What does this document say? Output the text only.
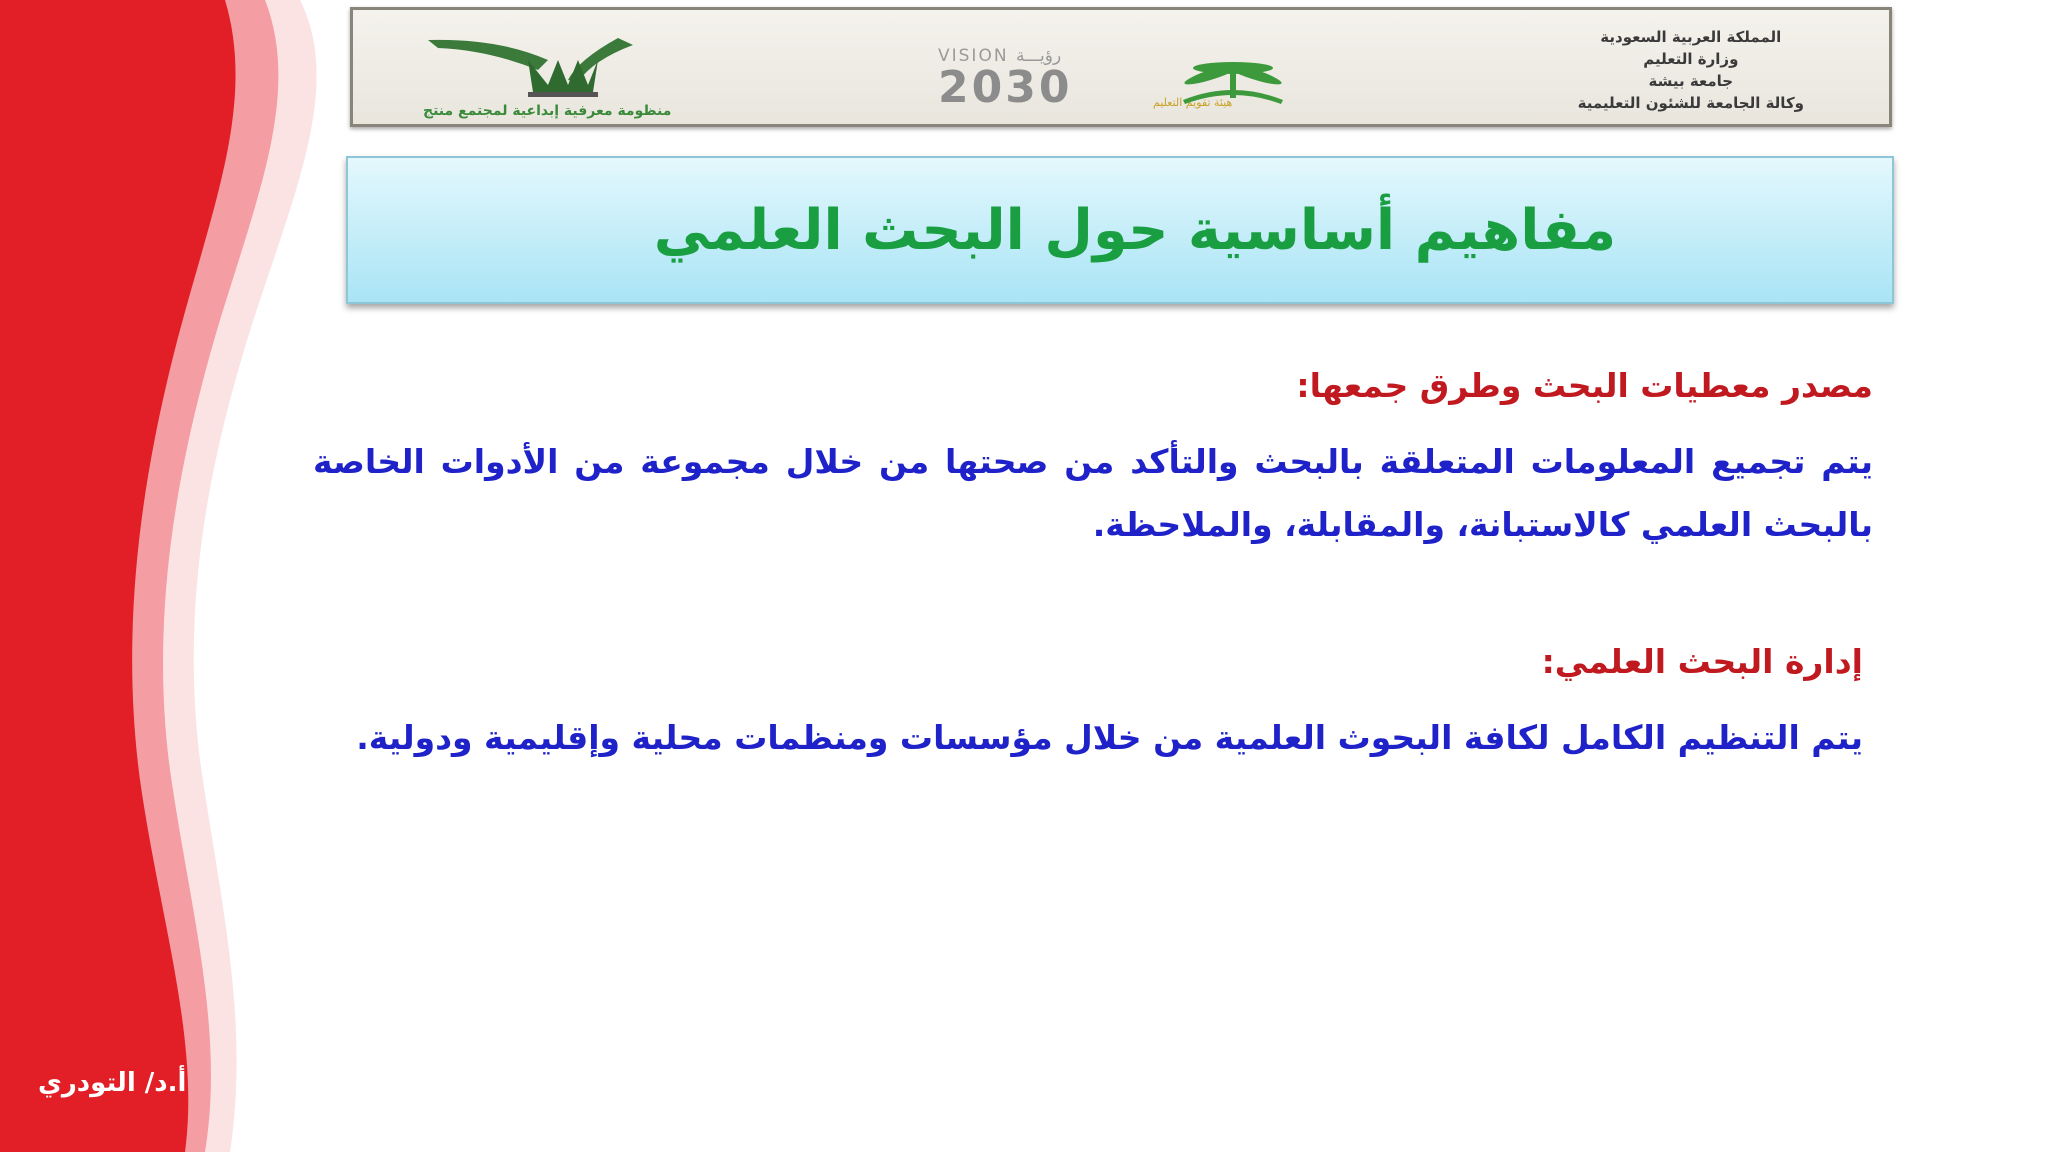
المملكة العربية السعودية
وزارة التعليم
جامعة بيشة
وكالة الجامعة للشئون التعليمية
هيئة تقويم التعليم
VISION رؤيـــة
2030
منظومة معرفية إبداعية لمجتمع منتج
مفاهيم أساسية حول البحث العلمي
مصدر معطيات البحث وطرق جمعها:
يتم تجميع المعلومات المتعلقة بالبحث والتأكد من صحتها من خلال مجموعة من الأدوات الخاصة بالبحث العلمي كالاستبانة، والمقابلة، والملاحظة.
إدارة البحث العلمي:
يتم التنظيم الكامل لكافة البحوث العلمية من خلال مؤسسات ومنظمات محلية وإقليمية ودولية.
أ.د/ التودري
